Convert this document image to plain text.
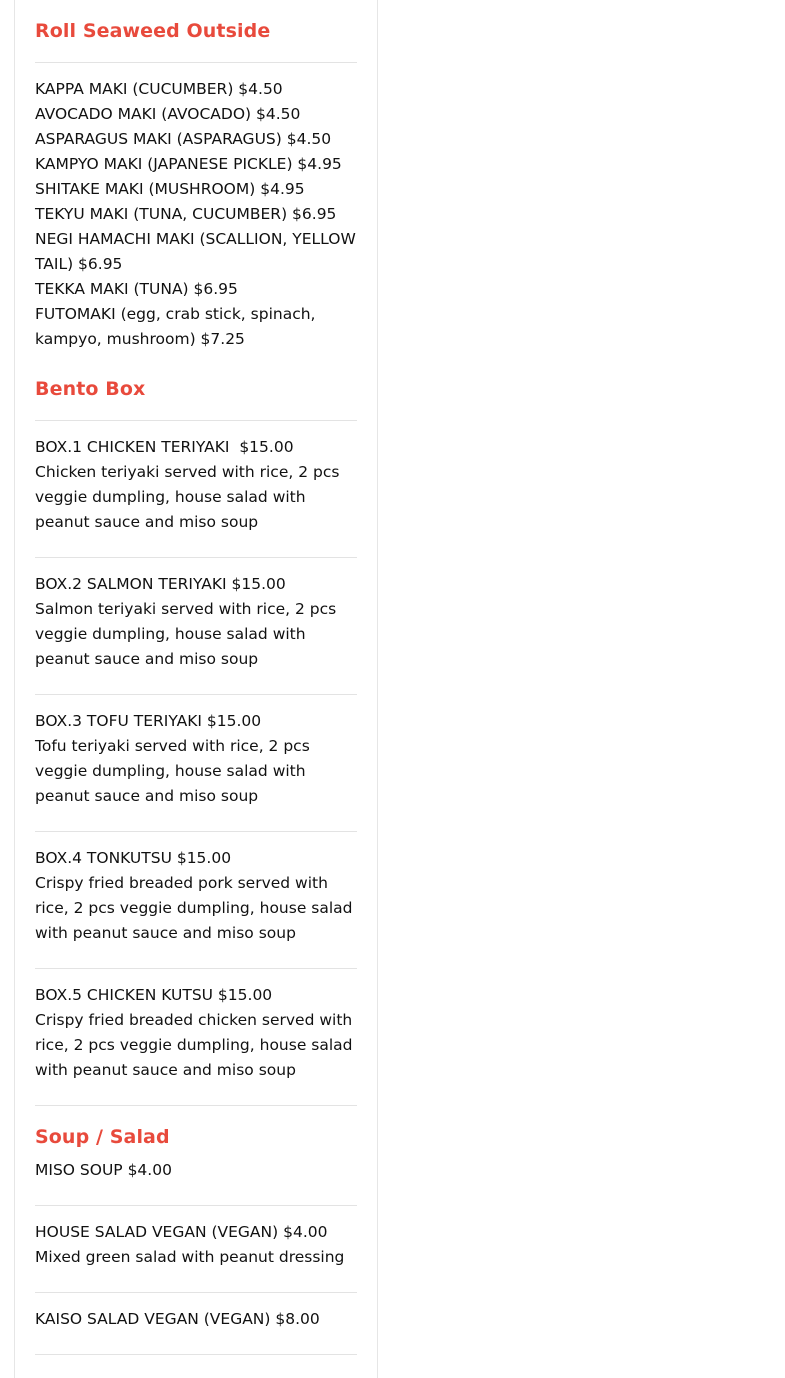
Roll Seaweed Outside
KAPPA MAKI (CUCUMBER) $4.50
AVOCADO MAKI (AVOCADO) $4.50
ASPARAGUS MAKI (ASPARAGUS) $4.50
KAMPYO MAKI (JAPANESE PICKLE) $4.95
SHITAKE MAKI (MUSHROOM) $4.95
TEKYU MAKI (TUNA, CUCUMBER) $6.95
NEGI HAMACHI MAKI (SCALLION, YELLOW TAIL) $6.95
TEKKA MAKI (TUNA) $6.95
FUTOMAKI (egg, crab stick, spinach, kampyo, mushroom) $7.25
Bento Box

BOX.1 CHICKEN TERIYAKI  $15.00

Chicken teriyaki served with rice, 2 pcs veggie dumpling, house salad with peanut sauce and miso soup

BOX.2 SALMON TERIYAKI $15.00

Salmon teriyaki served with rice, 2 pcs veggie dumpling, house salad with peanut sauce and miso soup

BOX.3 TOFU TERIYAKI $15.00

Tofu teriyaki served with rice, 2 pcs veggie dumpling, house salad with peanut sauce and miso soup

BOX.4 TONKUTSU $15.00

Crispy fried breaded pork served with rice, 2 pcs veggie dumpling, house salad with peanut sauce and miso soup

BOX.5 CHICKEN KUTSU $15.00

Crispy fried breaded chicken served with rice, 2 pcs veggie dumpling, house salad with peanut sauce and miso soup

Soup / Salad

MISO SOUP $4.00

HOUSE SALAD VEGAN (VEGAN) $4.00

Mixed green salad with peanut dressing

KAISO SALAD VEGAN (VEGAN) $8.00
